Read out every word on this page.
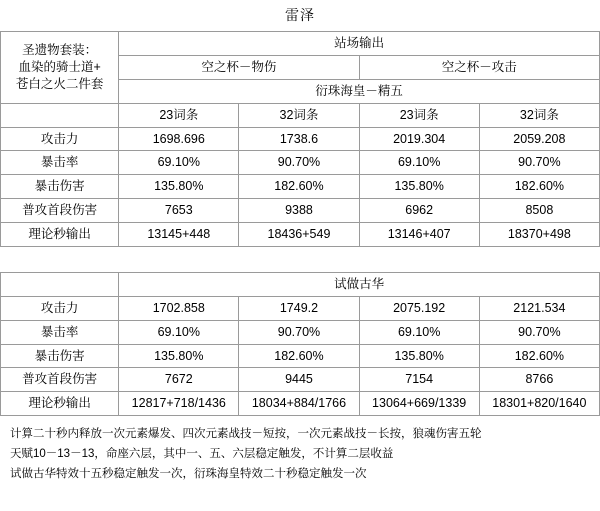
雷泽
圣遗物套装：
血染的骑士道+
苍白之火二件套	站场输出			
	空之杯－物伤		空之杯－攻击	
	衍珠海皇－精五			
	23词条	32词条	23词条	32词条
攻击力	1698.696	1738.6	2019.304	2059.208
暴击率	69.10%	90.70%	69.10%	90.70%
暴击伤害	135.80%	182.60%	135.80%	182.60%
普攻首段伤害	7653	9388	6962	8508
理论秒输出	13145+448	18436+549	13146+407	18370+498

	试做古华			
攻击力	1702.858	1749.2	2075.192	2121.534
暴击率	69.10%	90.70%	69.10%	90.70%
暴击伤害	135.80%	182.60%	135.80%	182.60%
普攻首段伤害	7672	9445	7154	8766
理论秒输出	12817+718/1436	18034+884/1766	13064+669/1339	18301+820/1640
计算二十秒内释放一次元素爆发、四次元素战技－短按，一次元素战技－长按，狼魂伤害五轮
天赋10－13－13，命座六层，其中一、五、六层稳定触发，不计算二层收益
试做古华特效十五秒稳定触发一次，衍珠海皇特效二十秒稳定触发一次
